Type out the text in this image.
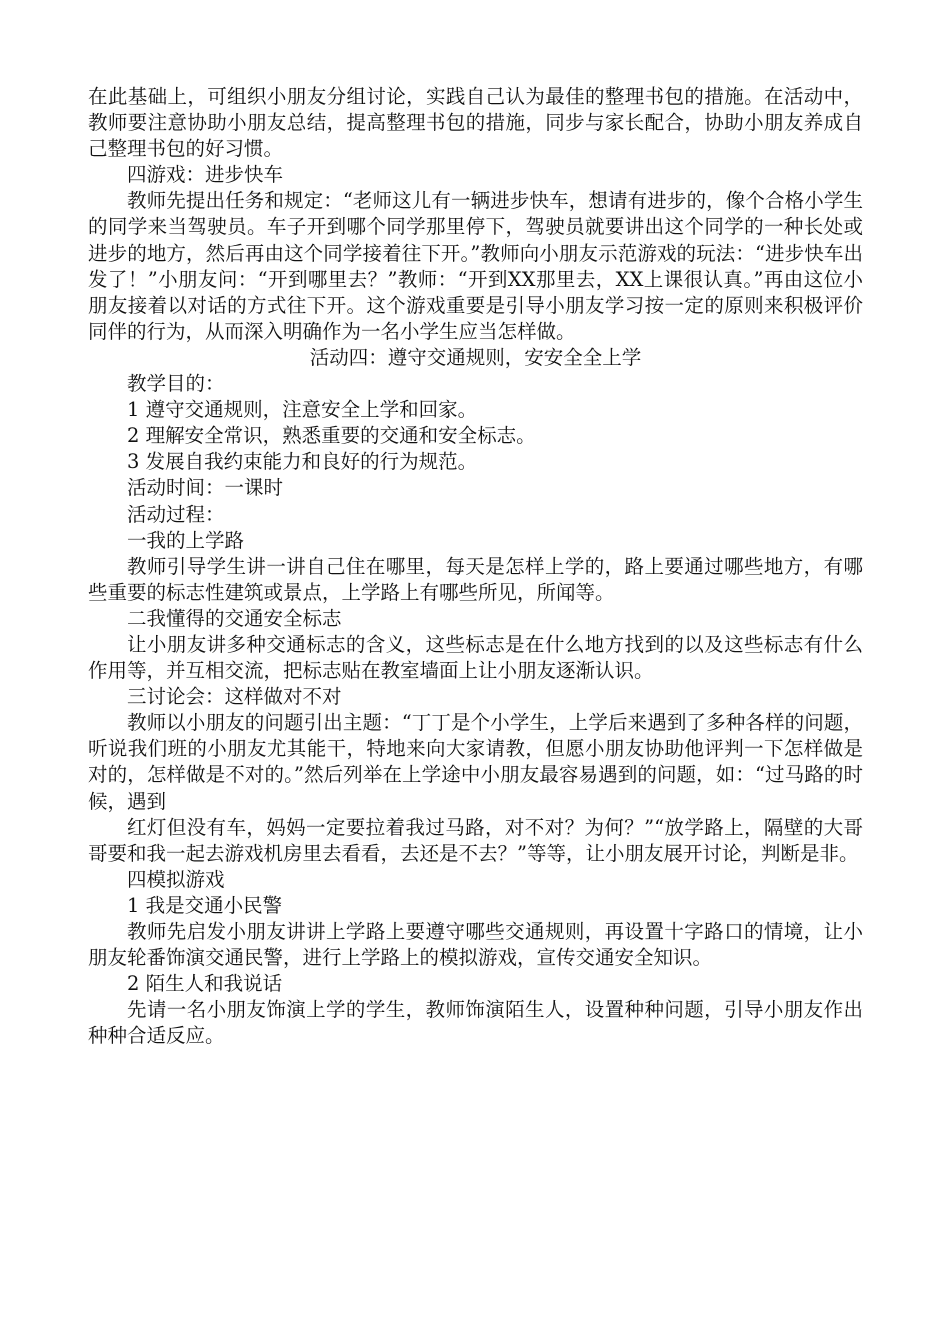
在此基础上，可组织小朋友分组讨论，实践自己认为最佳的整理书包的措施。在活动中，教师要注意协助小朋友总结，提高整理书包的措施，同步与家长配合，协助小朋友养成自己整理书包的好习惯。

四游戏：进步快车

教师先提出任务和规定：“老师这儿有一辆进步快车，想请有进步的，像个合格小学生的同学来当驾驶员。车子开到哪个同学那里停下，驾驶员就要讲出这个同学的一种长处或进步的地方，然后再由这个同学接着往下开。”教师向小朋友示范游戏的玩法：“进步快车出发了！”小朋友问：“开到哪里去？”教师：“开到XX那里去，XX上课很认真。”再由这位小朋友接着以对话的方式往下开。这个游戏重要是引导小朋友学习按一定的原则来积极评价同伴的行为，从而深入明确作为一名小学生应当怎样做。

活动四：遵守交通规则，安安全全上学

教学目的：

1 遵守交通规则，注意安全上学和回家。

2 理解安全常识，熟悉重要的交通和安全标志。

3 发展自我约束能力和良好的行为规范。

活动时间：一课时

活动过程：

一我的上学路

教师引导学生讲一讲自己住在哪里，每天是怎样上学的，路上要通过哪些地方，有哪些重要的标志性建筑或景点，上学路上有哪些所见，所闻等。

二我懂得的交通安全标志

让小朋友讲多种交通标志的含义，这些标志是在什么地方找到的以及这些标志有什么作用等，并互相交流，把标志贴在教室墙面上让小朋友逐渐认识。

三讨论会：这样做对不对

教师以小朋友的问题引出主题：“丁丁是个小学生，上学后来遇到了多种各样的问题，听说我们班的小朋友尤其能干，特地来向大家请教，但愿小朋友协助他评判一下怎样做是对的，怎样做是不对的。”然后列举在上学途中小朋友最容易遇到的问题，如：“过马路的时候，遇到

红灯但没有车，妈妈一定要拉着我过马路，对不对？为何？”“放学路上，隔壁的大哥哥要和我一起去游戏机房里去看看，去还是不去？”等等，让小朋友展开讨论，判断是非。

四模拟游戏

1 我是交通小民警

教师先启发小朋友讲讲上学路上要遵守哪些交通规则，再设置十字路口的情境，让小朋友轮番饰演交通民警，进行上学路上的模拟游戏，宣传交通安全知识。

2 陌生人和我说话

先请一名小朋友饰演上学的学生，教师饰演陌生人，设置种种问题，引导小朋友作出种种合适反应。
